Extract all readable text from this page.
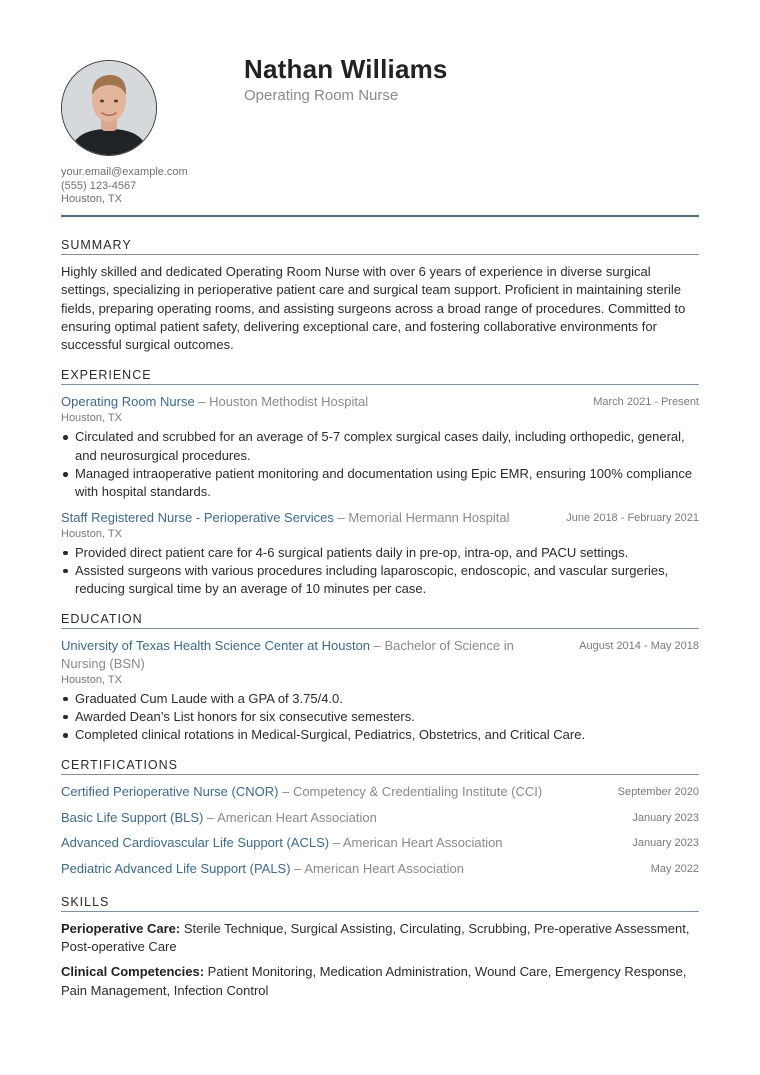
Nathan Williams
Operating Room Nurse
your.email@example.com
(555) 123-4567
Houston, TX
SUMMARY
Highly skilled and dedicated Operating Room Nurse with over 6 years of experience in diverse surgical settings, specializing in perioperative patient care and surgical team support. Proficient in maintaining sterile fields, preparing operating rooms, and assisting surgeons across a broad range of procedures. Committed to ensuring optimal patient safety, delivering exceptional care, and fostering collaborative environments for successful surgical outcomes.
EXPERIENCE
Operating Room Nurse – Houston Methodist Hospital	March 2021 - Present
Houston, TX
Circulated and scrubbed for an average of 5-7 complex surgical cases daily, including orthopedic, general, and neurosurgical procedures.
Managed intraoperative patient monitoring and documentation using Epic EMR, ensuring 100% compliance with hospital standards.
Staff Registered Nurse - Perioperative Services – Memorial Hermann Hospital	June 2018 - February 2021
Houston, TX
Provided direct patient care for 4-6 surgical patients daily in pre-op, intra-op, and PACU settings.
Assisted surgeons with various procedures including laparoscopic, endoscopic, and vascular surgeries, reducing surgical time by an average of 10 minutes per case.
EDUCATION
University of Texas Health Science Center at Houston – Bachelor of Science in Nursing (BSN)
August 2014 - May 2018
Houston, TX
Graduated Cum Laude with a GPA of 3.75/4.0.
Awarded Dean’s List honors for six consecutive semesters.
Completed clinical rotations in Medical-Surgical, Pediatrics, Obstetrics, and Critical Care.
CERTIFICATIONS
Certified Perioperative Nurse (CNOR) – Competency & Credentialing Institute (CCI)	September 2020
Basic Life Support (BLS) – American Heart Association	January 2023
Advanced Cardiovascular Life Support (ACLS) – American Heart Association	January 2023
Pediatric Advanced Life Support (PALS) – American Heart Association	May 2022
SKILLS
Perioperative Care: Sterile Technique, Surgical Assisting, Circulating, Scrubbing, Pre-operative Assessment, Post-operative Care
Clinical Competencies: Patient Monitoring, Medication Administration, Wound Care, Emergency Response, Pain Management, Infection Control
